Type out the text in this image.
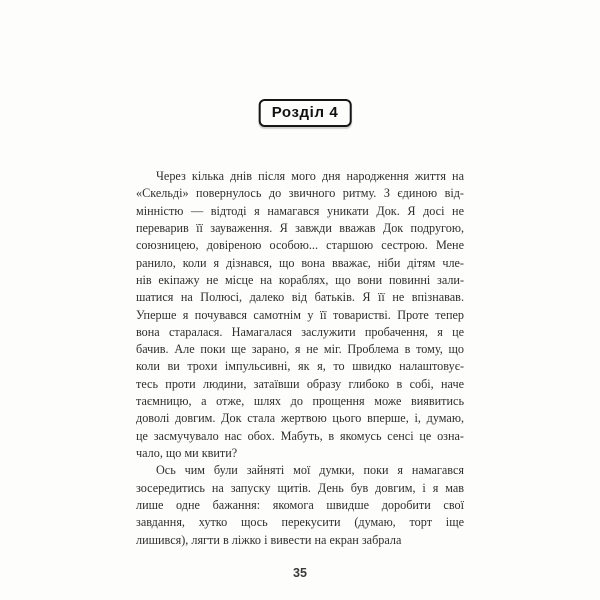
Розділ 4
Через кілька днів після мого дня народження життя на
«Скельді» повернулось до звичного ритму. З єдиною від-
мінністю — відтоді я намагався уникати Док. Я досі не
переварив її зауваження. Я завжди вважав Док подругою,
союзницею, довіреною особою... старшою сестрою. Мене
ранило, коли я дізнався, що вона вважає, ніби дітям чле-
нів екіпажу не місце на кораблях, що вони повинні зали-
шатися на Полюсі, далеко від батьків. Я її не впізнавав.
Уперше я почувався самотнім у її товаристві. Проте тепер
вона старалася. Намагалася заслужити пробачення, я це
бачив. Але поки ще зарано, я не міг. Проблема в тому, що
коли ви трохи імпульсивні, як я, то швидко налаштовує-
тесь проти людини, затаївши образу глибоко в собі, наче
таємницю, а отже, шлях до прощення може виявитись
доволі довгим. Док стала жертвою цього вперше, і, думаю,
це засмучувало нас обох. Мабуть, в якомусь сенсі це озна-
чало, що ми квити?
Ось чим були зайняті мої думки, поки я намагався
зосередитись на запуску щитів. День був довгим, і я мав
лише одне бажання: якомога швидше доробити свої
завдання, хутко щось перекусити (думаю, торт іще
лишився), лягти в ліжко і вивести на екран забрала
35
